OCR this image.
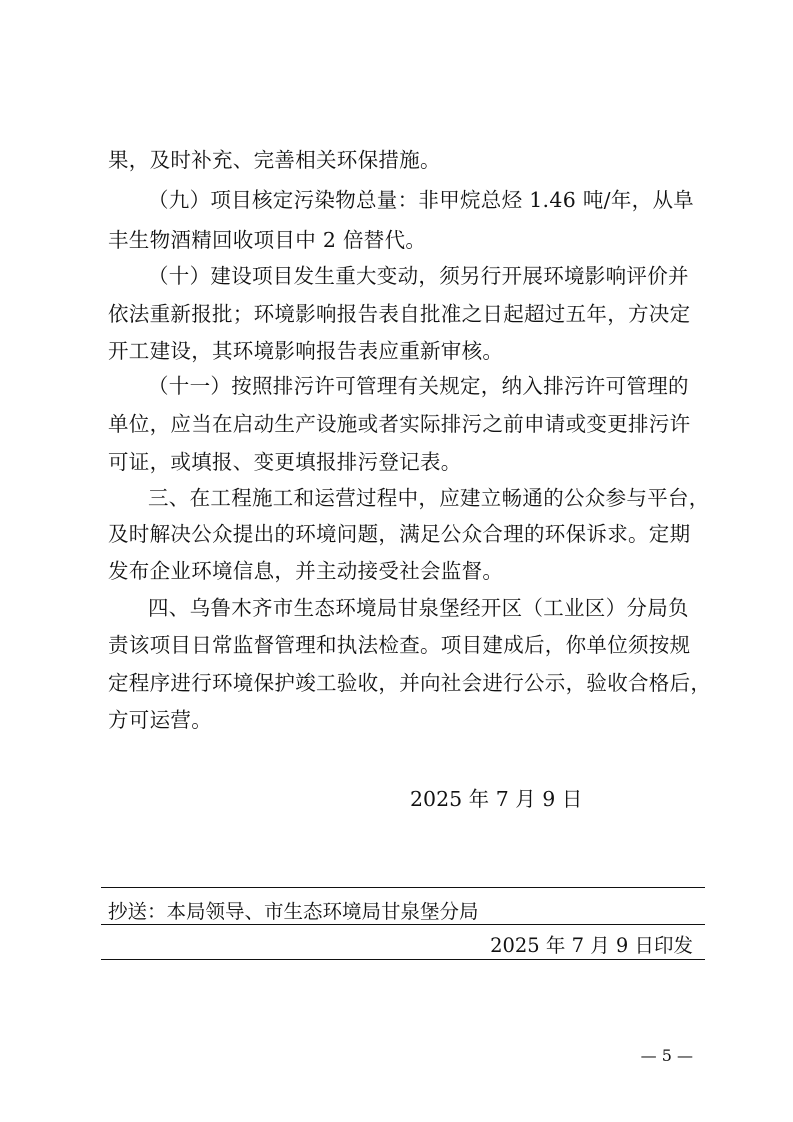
果，及时补充、完善相关环保措施。
（九）项目核定污染物总量：非甲烷总烃 1.46 吨/年，从阜
丰生物酒精回收项目中 2 倍替代。
（十）建设项目发生重大变动，须另行开展环境影响评价并
依法重新报批；环境影响报告表自批准之日起超过五年，方决定
开工建设，其环境影响报告表应重新审核。
（十一）按照排污许可管理有关规定，纳入排污许可管理的
单位，应当在启动生产设施或者实际排污之前申请或变更排污许
可证，或填报、变更填报排污登记表。
三、在工程施工和运营过程中，应建立畅通的公众参与平台，
及时解决公众提出的环境问题，满足公众合理的环保诉求。定期
发布企业环境信息，并主动接受社会监督。
四、乌鲁木齐市生态环境局甘泉堡经开区（工业区）分局负
责该项目日常监督管理和执法检查。项目建成后，你单位须按规
定程序进行环境保护竣工验收，并向社会进行公示，验收合格后，
方可运营。
2025 年 7 月 9 日
抄送：本局领导、市生态环境局甘泉堡分局
2025 年 7 月 9 日印发
— 5 —
